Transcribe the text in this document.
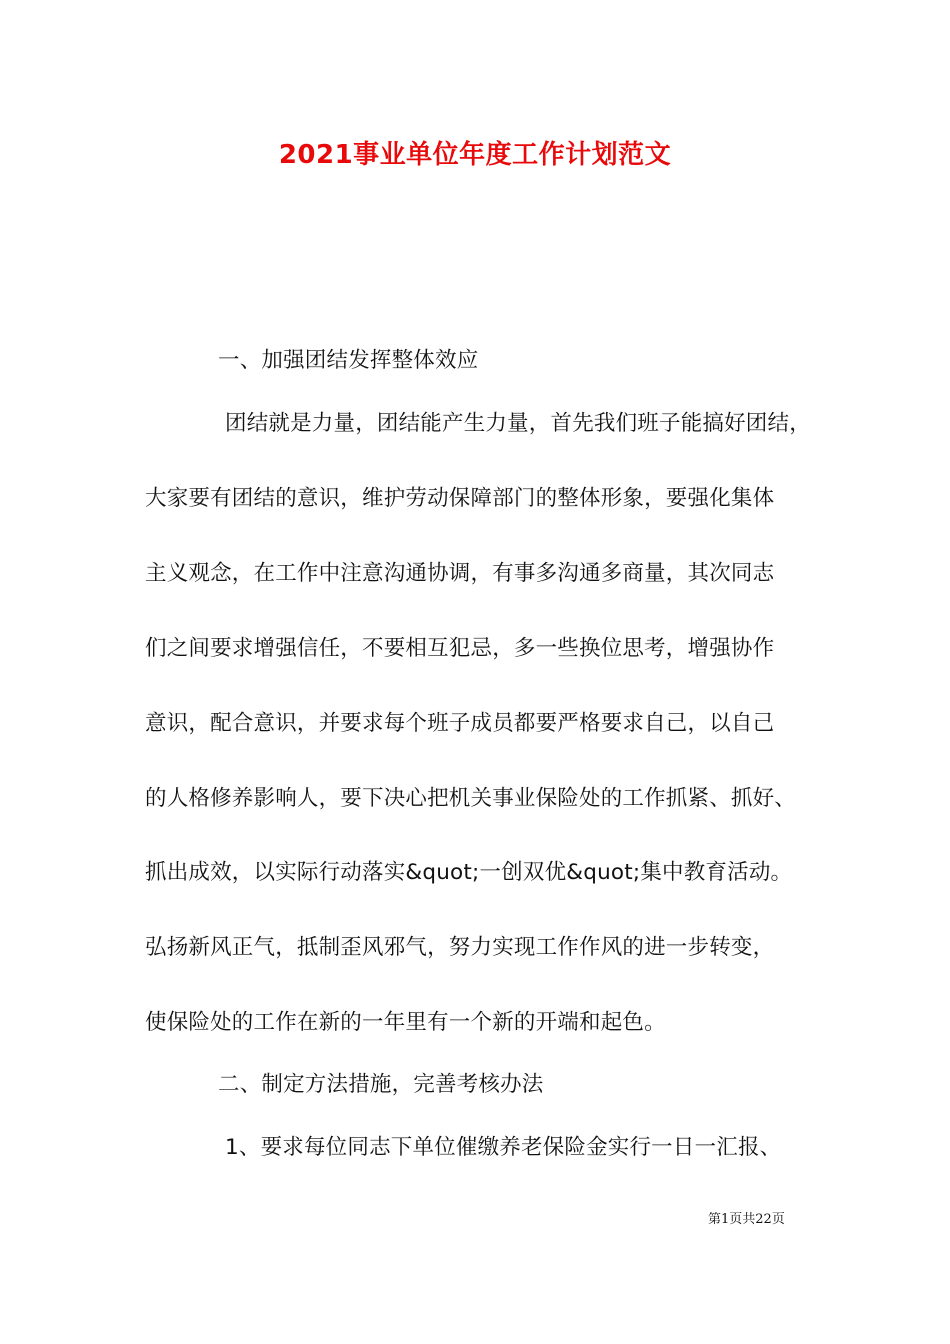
2021事业单位年度工作计划范文
一、加强团结发挥整体效应
团结就是力量，团结能产生力量，首先我们班子能搞好团结，
大家要有团结的意识，维护劳动保障部门的整体形象，要强化集体
主义观念，在工作中注意沟通协调，有事多沟通多商量，其次同志
们之间要求增强信任，不要相互犯忌，多一些换位思考，增强协作
意识，配合意识，并要求每个班子成员都要严格要求自己，以自己
的人格修养影响人，要下决心把机关事业保险处的工作抓紧、抓好、
抓出成效，以实际行动落实&quot;一创双优&quot;集中教育活动。
弘扬新风正气，抵制歪风邪气，努力实现工作作风的进一步转变，
使保险处的工作在新的一年里有一个新的开端和起色。
二、制定方法措施，完善考核办法
1、要求每位同志下单位催缴养老保险金实行一日一汇报、
第1页共22页
